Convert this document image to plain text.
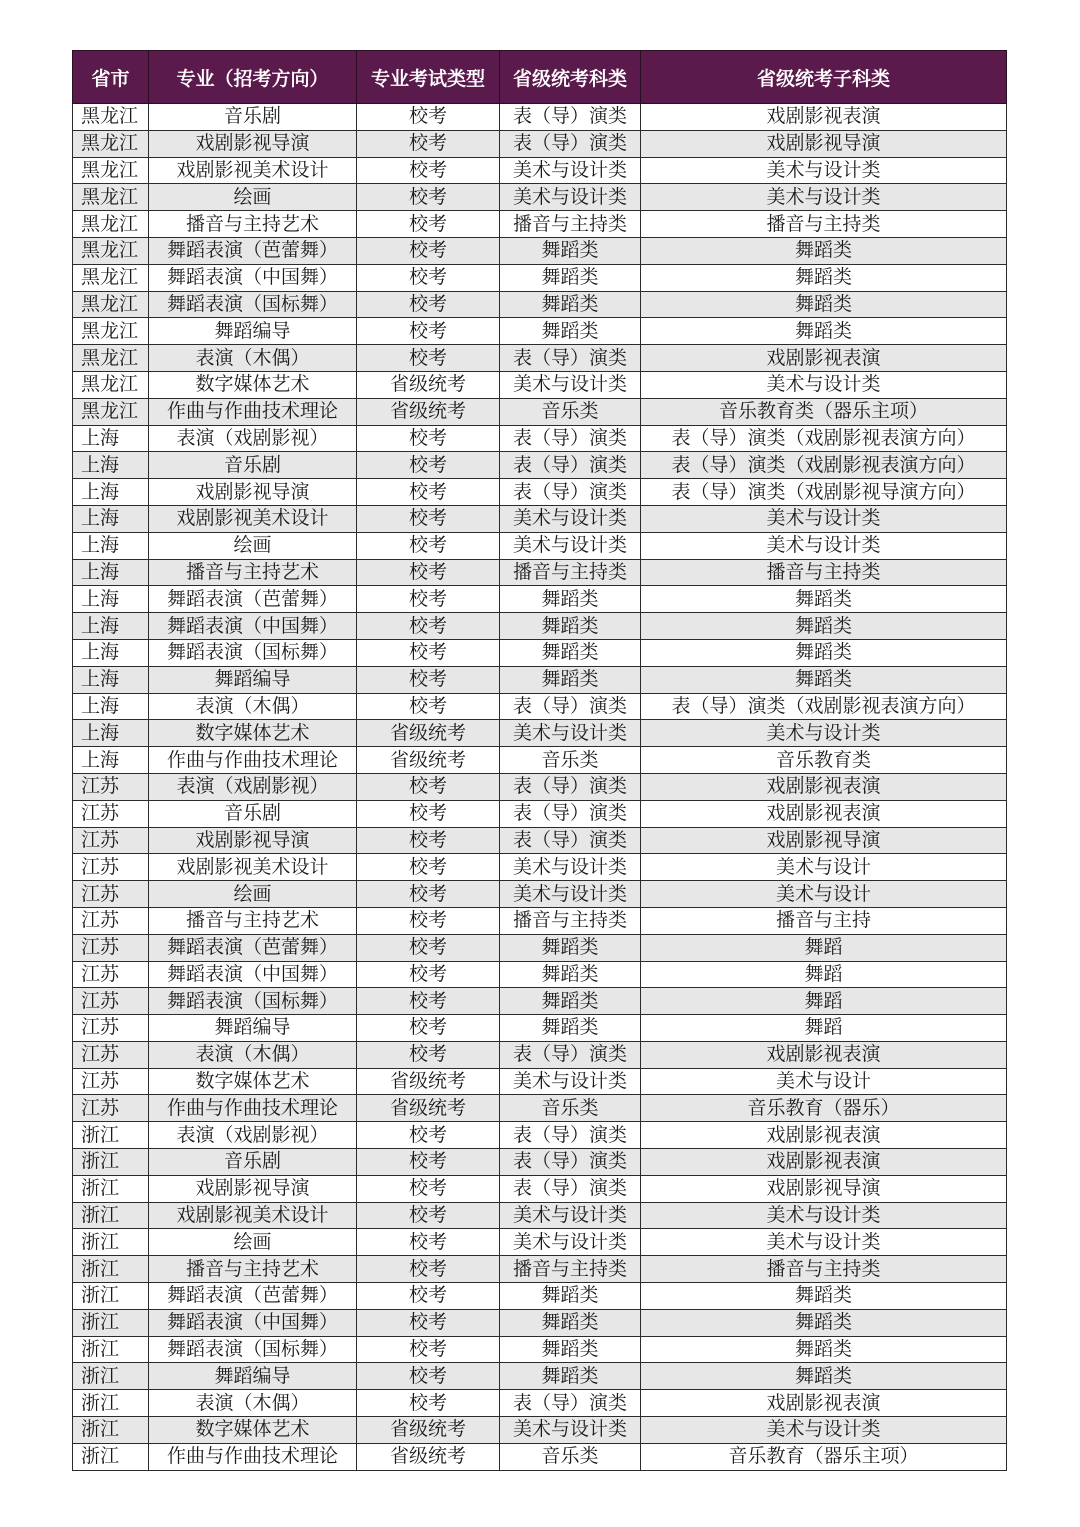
省市	专业（招考方向）	专业考试类型	省级统考科类	省级统考子科类
黑龙江	音乐剧	校考	表（导）演类	戏剧影视表演
黑龙江	戏剧影视导演	校考	表（导）演类	戏剧影视导演
黑龙江	戏剧影视美术设计	校考	美术与设计类	美术与设计类
黑龙江	绘画	校考	美术与设计类	美术与设计类
黑龙江	播音与主持艺术	校考	播音与主持类	播音与主持类
黑龙江	舞蹈表演（芭蕾舞）	校考	舞蹈类	舞蹈类
黑龙江	舞蹈表演（中国舞）	校考	舞蹈类	舞蹈类
黑龙江	舞蹈表演（国标舞）	校考	舞蹈类	舞蹈类
黑龙江	舞蹈编导	校考	舞蹈类	舞蹈类
黑龙江	表演（木偶）	校考	表（导）演类	戏剧影视表演
黑龙江	数字媒体艺术	省级统考	美术与设计类	美术与设计类
黑龙江	作曲与作曲技术理论	省级统考	音乐类	音乐教育类（器乐主项）
上海	表演（戏剧影视）	校考	表（导）演类	表（导）演类（戏剧影视表演方向）
上海	音乐剧	校考	表（导）演类	表（导）演类（戏剧影视表演方向）
上海	戏剧影视导演	校考	表（导）演类	表（导）演类（戏剧影视导演方向）
上海	戏剧影视美术设计	校考	美术与设计类	美术与设计类
上海	绘画	校考	美术与设计类	美术与设计类
上海	播音与主持艺术	校考	播音与主持类	播音与主持类
上海	舞蹈表演（芭蕾舞）	校考	舞蹈类	舞蹈类
上海	舞蹈表演（中国舞）	校考	舞蹈类	舞蹈类
上海	舞蹈表演（国标舞）	校考	舞蹈类	舞蹈类
上海	舞蹈编导	校考	舞蹈类	舞蹈类
上海	表演（木偶）	校考	表（导）演类	表（导）演类（戏剧影视表演方向）
上海	数字媒体艺术	省级统考	美术与设计类	美术与设计类
上海	作曲与作曲技术理论	省级统考	音乐类	音乐教育类
江苏	表演（戏剧影视）	校考	表（导）演类	戏剧影视表演
江苏	音乐剧	校考	表（导）演类	戏剧影视表演
江苏	戏剧影视导演	校考	表（导）演类	戏剧影视导演
江苏	戏剧影视美术设计	校考	美术与设计类	美术与设计
江苏	绘画	校考	美术与设计类	美术与设计
江苏	播音与主持艺术	校考	播音与主持类	播音与主持
江苏	舞蹈表演（芭蕾舞）	校考	舞蹈类	舞蹈
江苏	舞蹈表演（中国舞）	校考	舞蹈类	舞蹈
江苏	舞蹈表演（国标舞）	校考	舞蹈类	舞蹈
江苏	舞蹈编导	校考	舞蹈类	舞蹈
江苏	表演（木偶）	校考	表（导）演类	戏剧影视表演
江苏	数字媒体艺术	省级统考	美术与设计类	美术与设计
江苏	作曲与作曲技术理论	省级统考	音乐类	音乐教育（器乐）
浙江	表演（戏剧影视）	校考	表（导）演类	戏剧影视表演
浙江	音乐剧	校考	表（导）演类	戏剧影视表演
浙江	戏剧影视导演	校考	表（导）演类	戏剧影视导演
浙江	戏剧影视美术设计	校考	美术与设计类	美术与设计类
浙江	绘画	校考	美术与设计类	美术与设计类
浙江	播音与主持艺术	校考	播音与主持类	播音与主持类
浙江	舞蹈表演（芭蕾舞）	校考	舞蹈类	舞蹈类
浙江	舞蹈表演（中国舞）	校考	舞蹈类	舞蹈类
浙江	舞蹈表演（国标舞）	校考	舞蹈类	舞蹈类
浙江	舞蹈编导	校考	舞蹈类	舞蹈类
浙江	表演（木偶）	校考	表（导）演类	戏剧影视表演
浙江	数字媒体艺术	省级统考	美术与设计类	美术与设计类
浙江	作曲与作曲技术理论	省级统考	音乐类	音乐教育（器乐主项）
